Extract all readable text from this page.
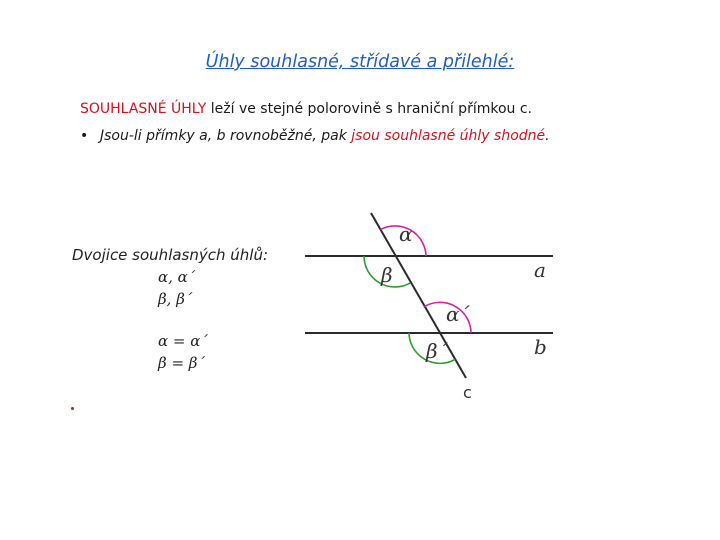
Úhly souhlasné, střídavé a přilehlé:
SOUHLASNÉ ÚHLY leží ve stejné polorovině s hraniční přímkou c.
• Jsou-li přímky a, b rovnoběžné, pak jsou souhlasné úhly shodné.
Dvojice souhlasných úhlů:
α, α´
β, β´
α = α´
β = β´
α
β
α´
β´
a
b
c
